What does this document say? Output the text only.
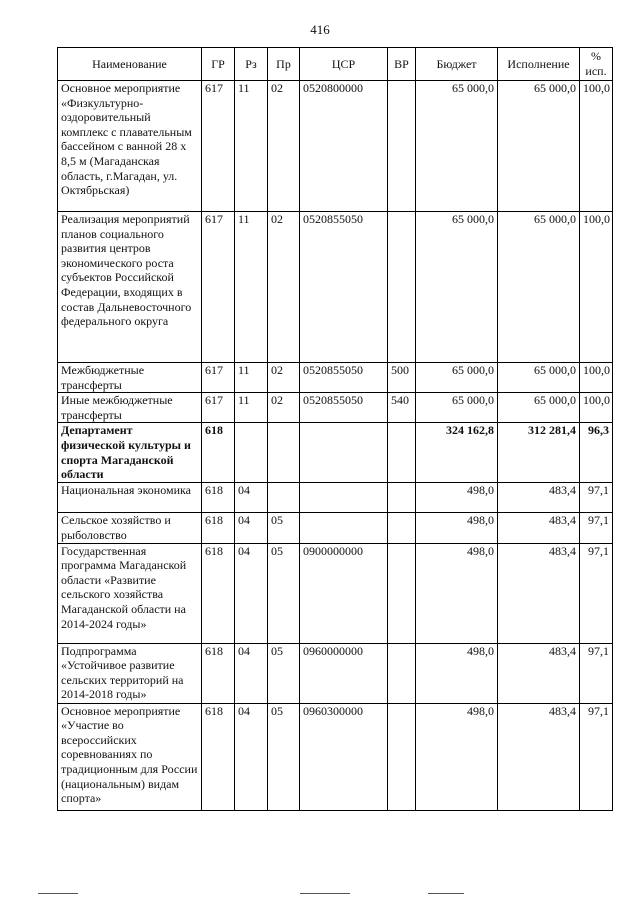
416
Наименование	ГР	Рз	Пр	ЦСР	ВР	Бюджет	Исполнение	%
исп.

Основное мероприятие «Физкультурно-оздоровительный комплекс с плавательным бассейном с ванной 28 х 8,5 м (Магаданская область, г.Магадан, ул. Октябрьская)	617	11	02	0520800000		65 000,0	65 000,0	100,0
Реализация мероприятий планов социального развития центров экономического роста субъектов Российской Федерации, входящих в состав Дальневосточного федерального округа	617	11	02	0520855050		65 000,0	65 000,0	100,0
Межбюджетные трансферты	617	11	02	0520855050	500	65 000,0	65 000,0	100,0
Иные межбюджетные трансферты	617	11	02	0520855050	540	65 000,0	65 000,0	100,0
Департамент физической культуры и спорта Магаданской области	618					324 162,8	312 281,4	96,3
Национальная экономика	618	04				498,0	483,4	97,1
Сельское хозяйство и рыболовство	618	04	05			498,0	483,4	97,1
Государственная программа Магаданской области «Развитие сельского хозяйства Магаданской области на 2014-2024 годы»	618	04	05	0900000000		498,0	483,4	97,1
Подпрограмма «Устойчивое развитие сельских территорий на 2014-2018 годы»	618	04	05	0960000000		498,0	483,4	97,1
Основное мероприятие «Участие во всероссийских соревнованиях по традиционным для России (национальным) видам спорта»	618	04	05	0960300000		498,0	483,4	97,1
